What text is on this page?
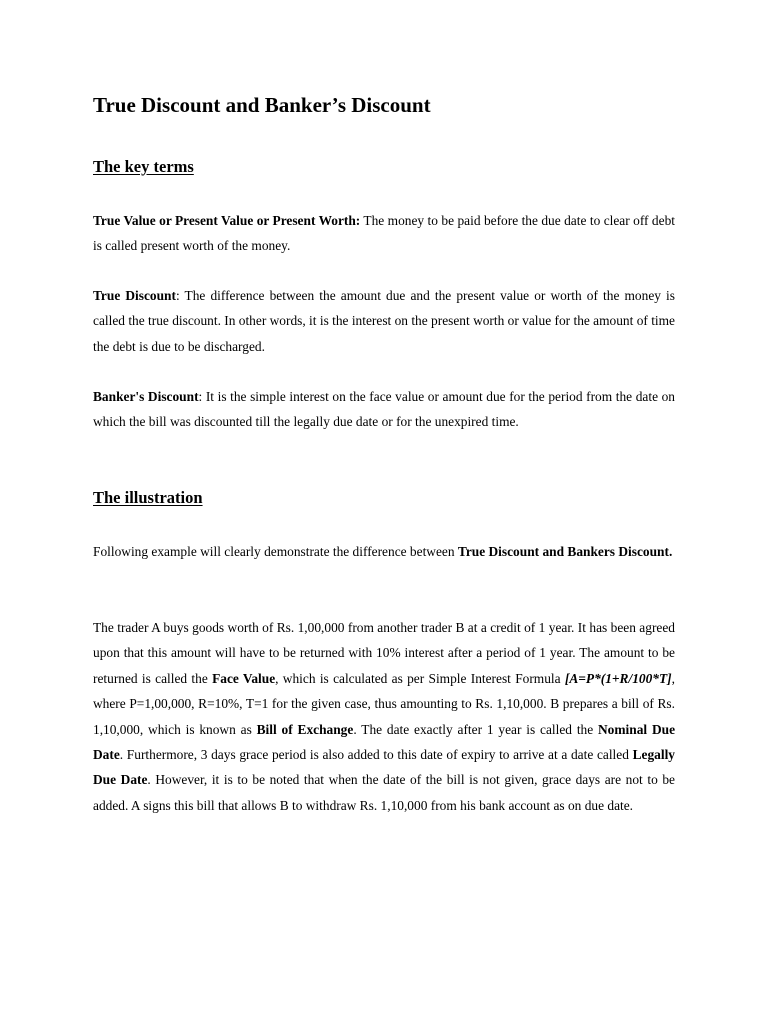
True Discount and Banker’s Discount
The key terms

True Value or Present Value or Present Worth: The money to be paid before the due date to clear off debt is called present worth of the money.

True Discount: The difference between the amount due and the present value or worth of the money is called the true discount. In other words, it is the interest on the present worth or value for the amount of time the debt is due to be discharged.

Banker's Discount: It is the simple interest on the face value or amount due for the period from the date on which the bill was discounted till the legally due date or for the unexpired time.

The illustration

Following example will clearly demonstrate the difference between True Discount and Bankers Discount.

The trader A buys goods worth of Rs. 1,00,000 from another trader B at a credit of 1 year. It has been agreed upon that this amount will have to be returned with 10% interest after a period of 1 year. The amount to be returned is called the Face Value, which is calculated as per Simple Interest Formula [A=P*(1+R/100*T], where P=1,00,000, R=10%, T=1 for the given case, thus amounting to Rs. 1,10,000. B prepares a bill of Rs. 1,10,000, which is known as Bill of Exchange. The date exactly after 1 year is called the Nominal Due Date. Furthermore, 3 days grace period is also added to this date of expiry to arrive at a date called Legally Due Date. However, it is to be noted that when the date of the bill is not given, grace days are not to be added. A signs this bill that allows B to withdraw Rs. 1,10,000 from his bank account as on due date.
